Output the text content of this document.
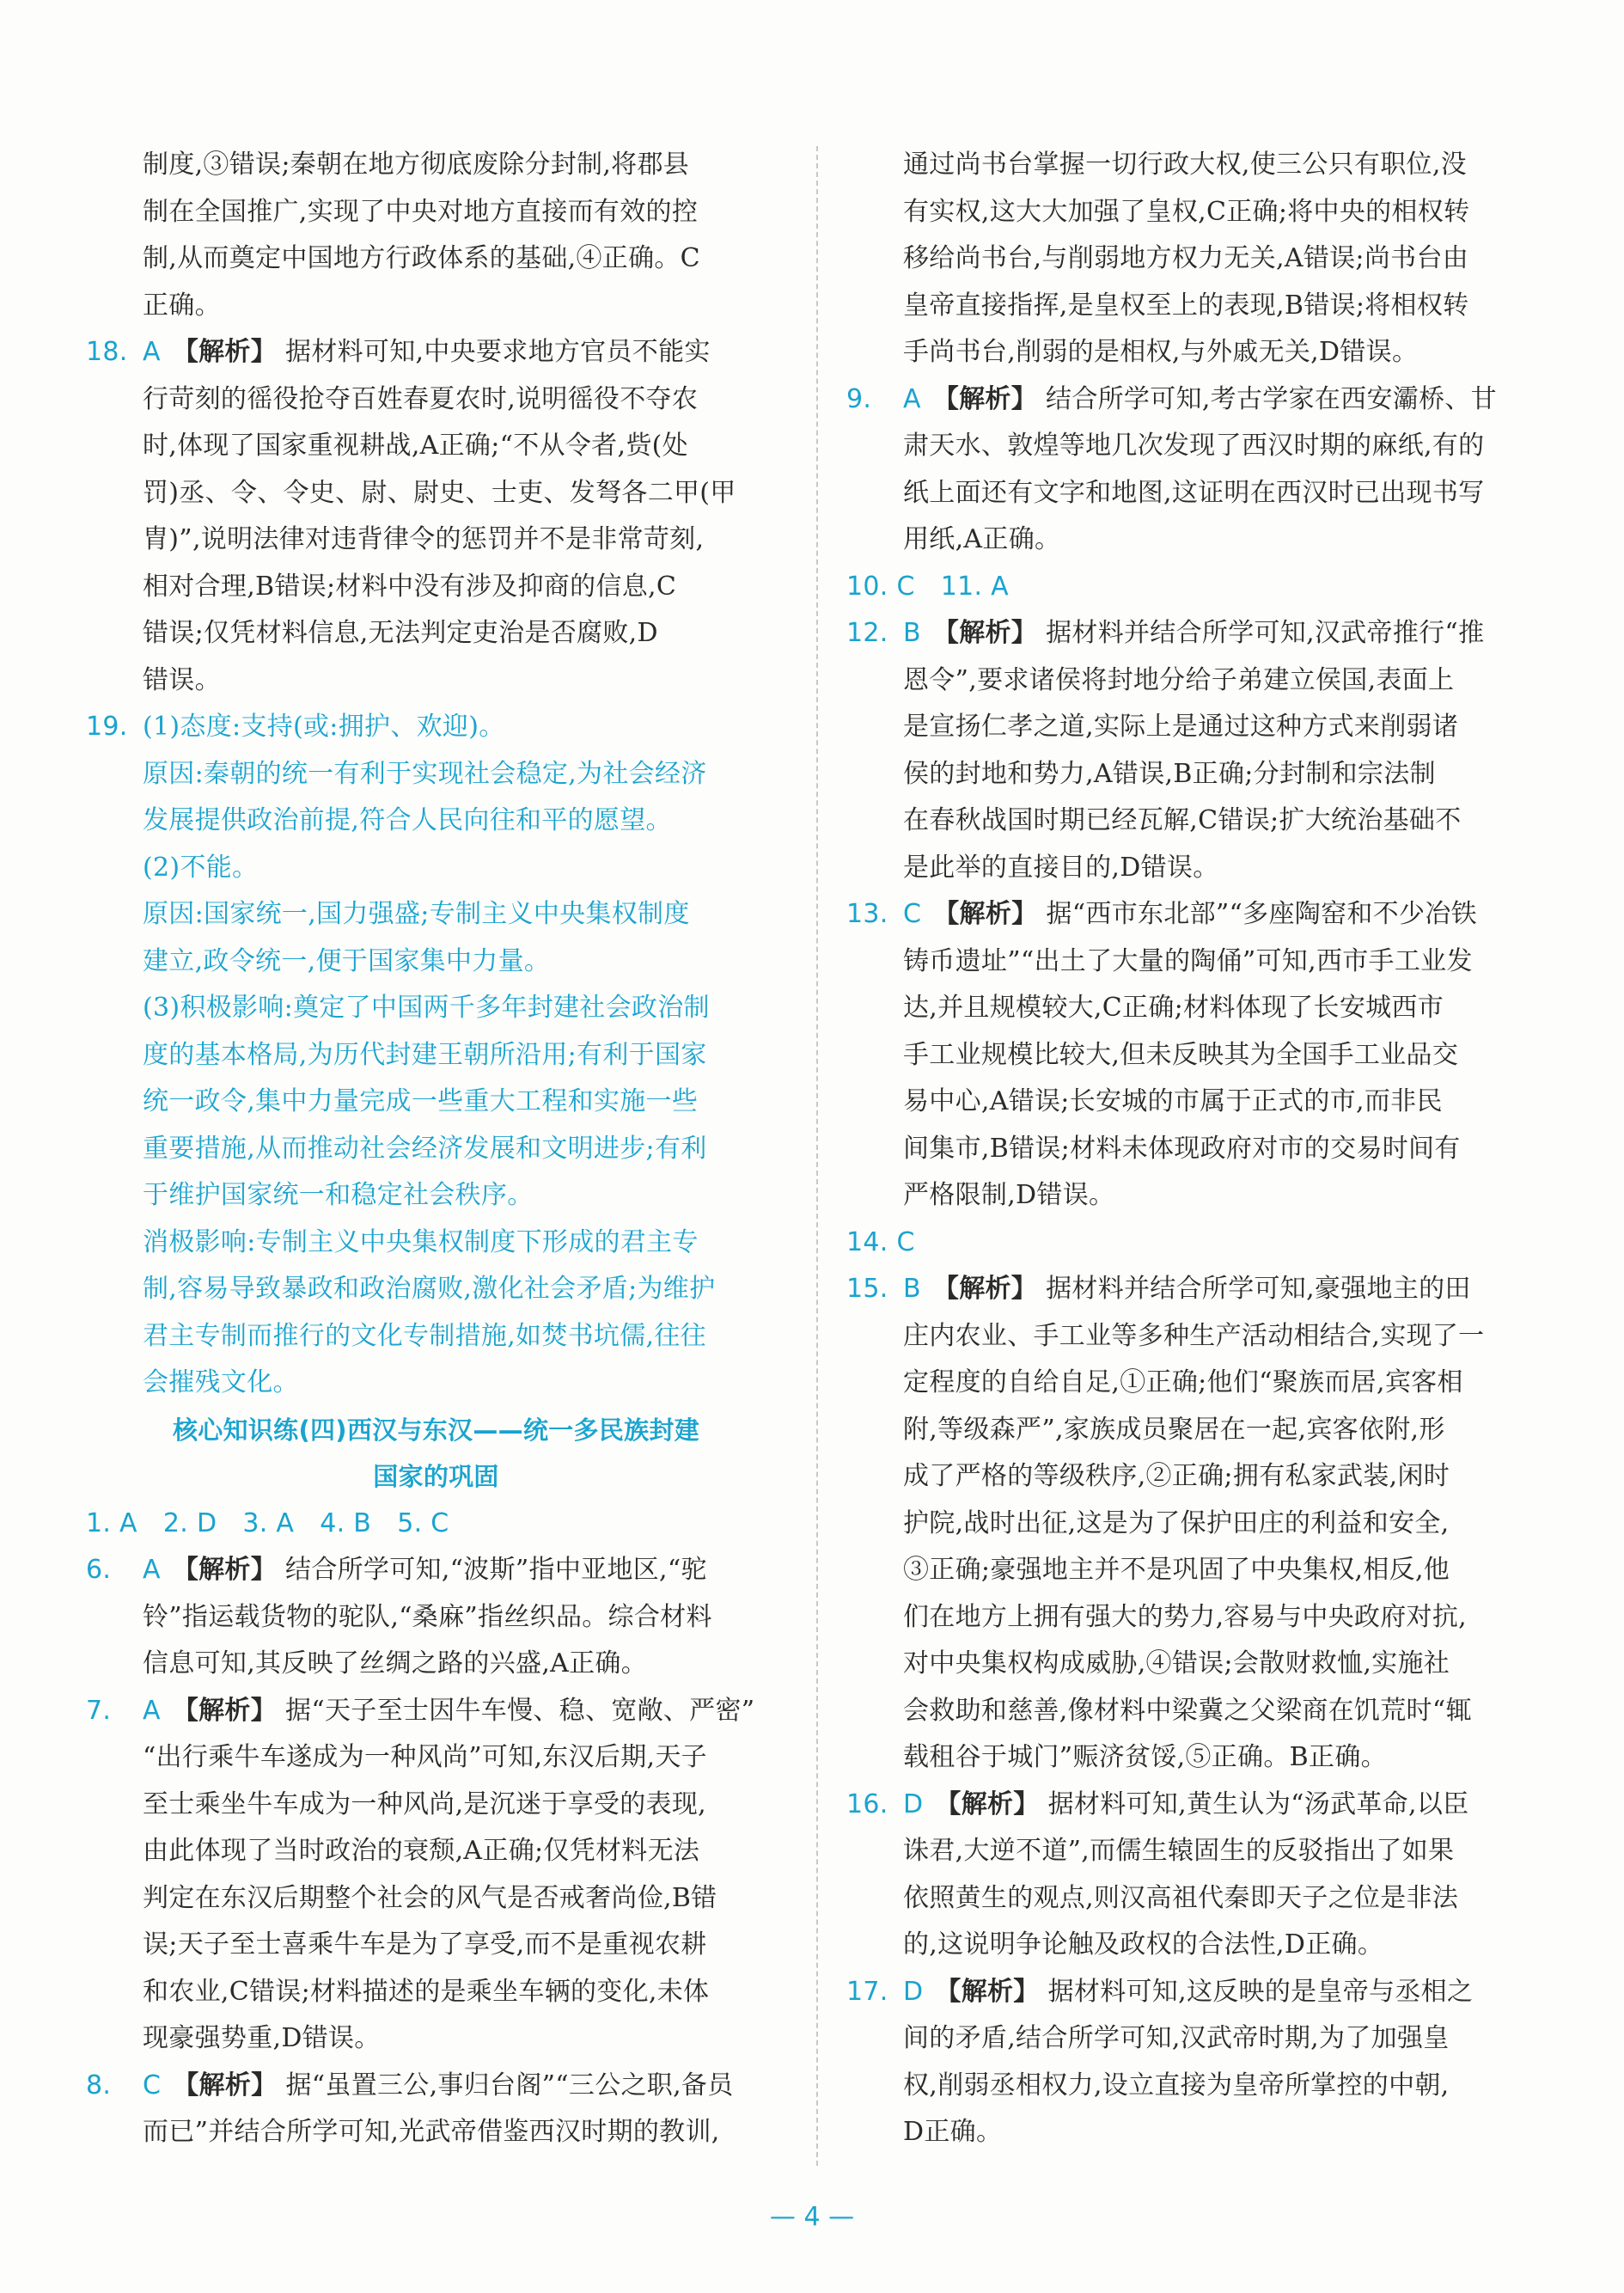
制度,③错误;秦朝在地方彻底废除分封制,将郡县

制在全国推广,实现了中央对地方直接而有效的控

制,从而奠定中国地方行政体系的基础,④正确。C

正确。

18. A 【解析】 据材料可知,中央要求地方官员不能实

行苛刻的徭役抢夺百姓春夏农时,说明徭役不夺农

时,体现了国家重视耕战,A正确;“不从令者,赀(处

罚)丞、令、令史、尉、尉史、士吏、发弩各二甲(甲

胄)”,说明法律对违背律令的惩罚并不是非常苛刻,

相对合理,B错误;材料中没有涉及抑商的信息,C

错误;仅凭材料信息,无法判定吏治是否腐败,D

错误。

19. (1)态度:支持(或:拥护、欢迎)。

原因:秦朝的统一有利于实现社会稳定,为社会经济

发展提供政治前提,符合人民向往和平的愿望。

(2)不能。

原因:国家统一,国力强盛;专制主义中央集权制度

建立,政令统一,便于国家集中力量。

(3)积极影响:奠定了中国两千多年封建社会政治制

度的基本格局,为历代封建王朝所沿用;有利于国家

统一政令,集中力量完成一些重大工程和实施一些

重要措施,从而推动社会经济发展和文明进步;有利

于维护国家统一和稳定社会秩序。

消极影响:专制主义中央集权制度下形成的君主专

制,容易导致暴政和政治腐败,激化社会矛盾;为维护

君主专制而推行的文化专制措施,如焚书坑儒,往往

会摧残文化。

核心知识练(四)西汉与东汉——统一多民族封建
国家的巩固
1. A 2. D 3. A 4. B 5. C
6. A 【解析】 结合所学可知,“波斯”指中亚地区,“驼

铃”指运载货物的驼队,“桑麻”指丝织品。综合材料

信息可知,其反映了丝绸之路的兴盛,A正确。

7. A 【解析】 据“天子至士因牛车慢、稳、宽敞、严密”

“出行乘牛车遂成为一种风尚”可知,东汉后期,天子

至士乘坐牛车成为一种风尚,是沉迷于享受的表现,

由此体现了当时政治的衰颓,A正确;仅凭材料无法

判定在东汉后期整个社会的风气是否戒奢尚俭,B错

误;天子至士喜乘牛车是为了享受,而不是重视农耕

和农业,C错误;材料描述的是乘坐车辆的变化,未体

现豪强势重,D错误。

8. C 【解析】 据“虽置三公,事归台阁”“三公之职,备员

而已”并结合所学可知,光武帝借鉴西汉时期的教训,

通过尚书台掌握一切行政大权,使三公只有职位,没

有实权,这大大加强了皇权,C正确;将中央的相权转

移给尚书台,与削弱地方权力无关,A错误;尚书台由

皇帝直接指挥,是皇权至上的表现,B错误;将相权转

手尚书台,削弱的是相权,与外戚无关,D错误。

9. A 【解析】 结合所学可知,考古学家在西安灞桥、甘

肃天水、敦煌等地几次发现了西汉时期的麻纸,有的

纸上面还有文字和地图,这证明在西汉时已出现书写

用纸,A正确。

10. C 11. A
12. B 【解析】 据材料并结合所学可知,汉武帝推行“推

恩令”,要求诸侯将封地分给子弟建立侯国,表面上

是宣扬仁孝之道,实际上是通过这种方式来削弱诸

侯的封地和势力,A错误,B正确;分封制和宗法制

在春秋战国时期已经瓦解,C错误;扩大统治基础不

是此举的直接目的,D错误。

13. C 【解析】 据“西市东北部”“多座陶窑和不少冶铁

铸币遗址”“出土了大量的陶俑”可知,西市手工业发

达,并且规模较大,C正确;材料体现了长安城西市

手工业规模比较大,但未反映其为全国手工业品交

易中心,A错误;长安城的市属于正式的市,而非民

间集市,B错误;材料未体现政府对市的交易时间有

严格限制,D错误。

14. C
15. B 【解析】 据材料并结合所学可知,豪强地主的田

庄内农业、手工业等多种生产活动相结合,实现了一

定程度的自给自足,①正确;他们“聚族而居,宾客相

附,等级森严”,家族成员聚居在一起,宾客依附,形

成了严格的等级秩序,②正确;拥有私家武装,闲时

护院,战时出征,这是为了保护田庄的利益和安全,

③正确;豪强地主并不是巩固了中央集权,相反,他

们在地方上拥有强大的势力,容易与中央政府对抗,

对中央集权构成威胁,④错误;会散财救恤,实施社

会救助和慈善,像材料中梁冀之父梁商在饥荒时“辄

载租谷于城门”赈济贫馁,⑤正确。B正确。

16. D 【解析】 据材料可知,黄生认为“汤武革命,以臣

诛君,大逆不道”,而儒生辕固生的反驳指出了如果

依照黄生的观点,则汉高祖代秦即天子之位是非法

的,这说明争论触及政权的合法性,D正确。

17. D 【解析】 据材料可知,这反映的是皇帝与丞相之

间的矛盾,结合所学可知,汉武帝时期,为了加强皇

权,削弱丞相权力,设立直接为皇帝所掌控的中朝,

D正确。

— 4 —
